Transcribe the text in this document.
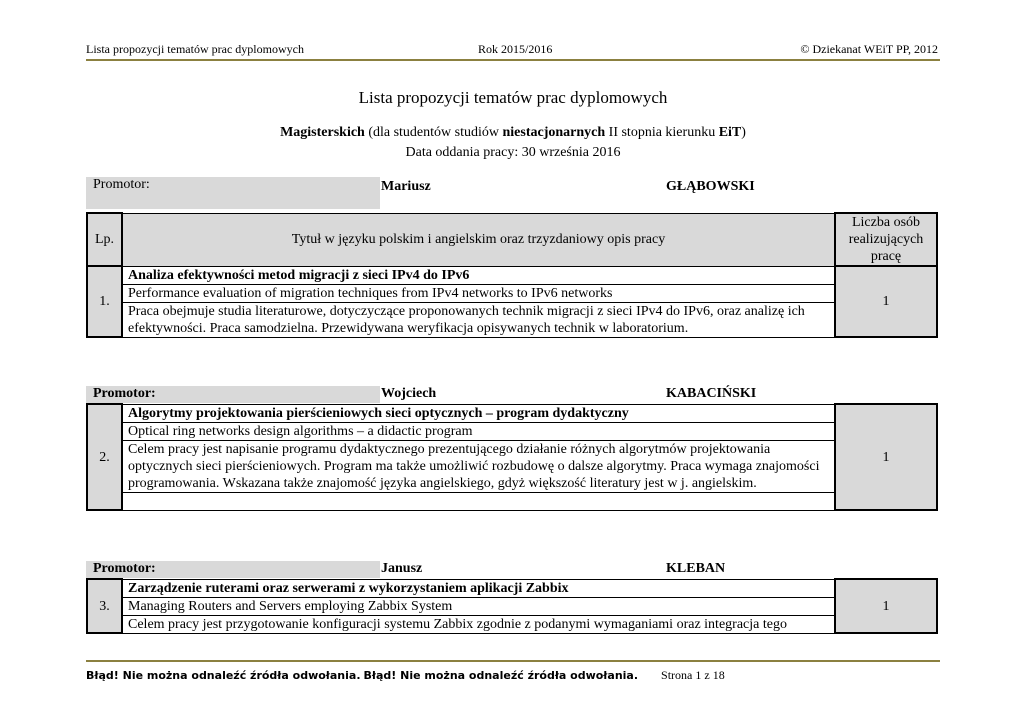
Lista propozycji tematów prac dyplomowych	Rok 2015/2016	© Dziekanat WEiT PP, 2012
Lista propozycji tematów prac dyplomowych
Magisterskich (dla studentów studiów niestacjonarnych II stopnia kierunku EiT)
Data oddania pracy: 30 września 2016
Promotor:	Mariusz	GŁĄBOWSKI
Lp.	Tytuł w języku polskim i angielskim oraz trzyzdaniowy opis pracy	Liczba osób realizujących pracę
1.	Analiza efektywności metod migracji z sieci IPv4 do IPv6	1
	Performance evaluation of migration techniques from IPv4 networks to IPv6 networks	
	Praca obejmuje studia literaturowe, dotyczyczące proponowanych technik migracji z sieci IPv4 do IPv6, oraz analizę ich efektywności. Praca samodzielna. Przewidywana weryfikacja opisywanych technik w laboratorium.	
Promotor:	Wojciech	KABACIŃSKI
2.	Algorytmy projektowania pierścieniowych sieci optycznych – program dydaktyczny	1
Optical ring networks design algorithms – a didactic program
Celem pracy jest napisanie programu dydaktycznego prezentującego działanie różnych algorytmów projektowania optycznych sieci pierścieniowych. Program ma także umożliwić rozbudowę o dalsze algorytmy. Praca wymaga znajomości programowania. Wskazana także znajomość języka angielskiego, gdyż większość literatury jest w j. angielskim.

Promotor:	Janusz	KLEBAN
3.	Zarządzenie ruterami oraz serwerami z wykorzystaniem aplikacji Zabbix	1
Managing Routers and Servers employing Zabbix System
Celem pracy jest przygotowanie konfiguracji systemu Zabbix zgodnie z podanymi wymaganiami oraz integracja tego
Błąd! Nie można odnaleźć źródła odwołania. Błąd! Nie można odnaleźć źródła odwołania. Strona 1 z 18
